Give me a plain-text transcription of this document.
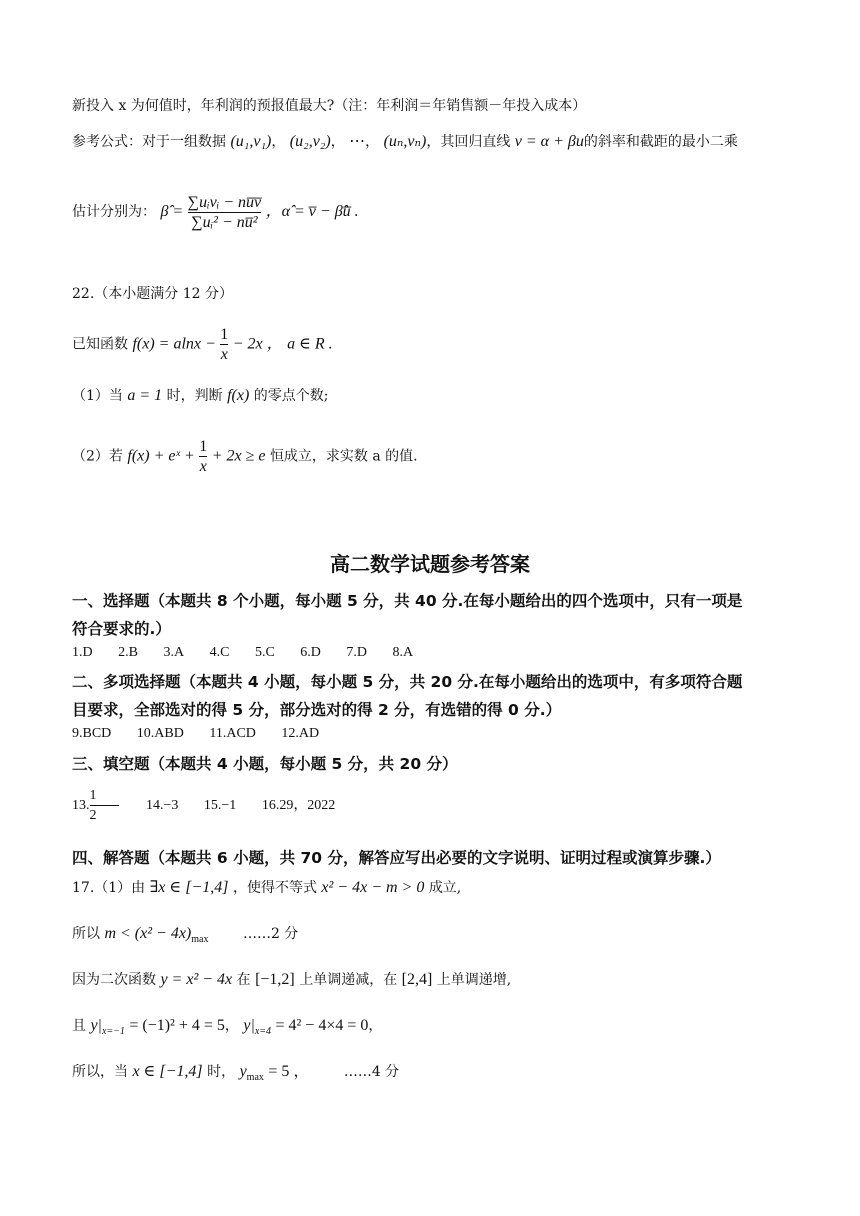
新投入 x 为何值时，年利润的预报值最大?（注：年利润＝年销售额－年投入成本）
参考公式：对于一组数据 (u₁,v₁)， (u₂,v₂)， ⋯， (uₙ,vₙ)，其回归直线 v = α + βu的斜率和截距的最小二乘
估计分别为： β̂ = $\frac{\text{∑uᵢvᵢ − nu̅v̅}}{\text{∑uᵢ² − nu̅²}}$ ，α̂ = v̅ − β̂u̅ .
22.（本小题满分 12 分）
已知函数 $f(x) = alnx - \frac{1}{x} - 2x$ ， a ∈ R .
（1）当 a = 1 时，判断 f(x) 的零点个数;
（2）若 f(x) + eˣ + $\frac{1}{x} + 2x \ge e$ 恒成立，求实数 a 的值.
高二数学试题参考答案
一、选择题（本题共 8 个小题，每小题 5 分，共 40 分.在每小题给出的四个选项中，只有一项是
符合要求的.）
1.D 2.B 3.A 4.C 5.C 6.D 7.D 8.A
二、多项选择题（本题共 4 小题，每小题 5 分，共 20 分.在每小题给出的选项中，有多项符合题
目要求，全部选对的得 5 分，部分选对的得 2 分，有选错的得 0 分.）
9.BCD 10.ABD 11.ACD 12.AD
三、填空题（本题共 4 小题，每小题 5 分，共 20 分）
13. $\frac{1}{2} 14.-3$ 15.−1 16.29，2022
四、解答题（本题共 6 小题，共 70 分，解答应写出必要的文字说明、证明过程或演算步骤.）
17.（1）由 ∃x ∈ [−1,4] ，使得不等式 x² − 4x − m > 0 成立,
所以 $m < (x^2 - 4x)_{max}$ ……2 分
因为二次函数 y = x² − 4x 在 [−1,2] 上单调递减，在 [2,4] 上单调递增,
且 $y|_{x=-1} = (-1)^2 + 4 = 5$， $y|_{x=4} = 4^2 - 4\times 4 = 0$，
所以，当 x ∈ [−1,4] 时， $y_{max} = 5$ ， ……4 分
